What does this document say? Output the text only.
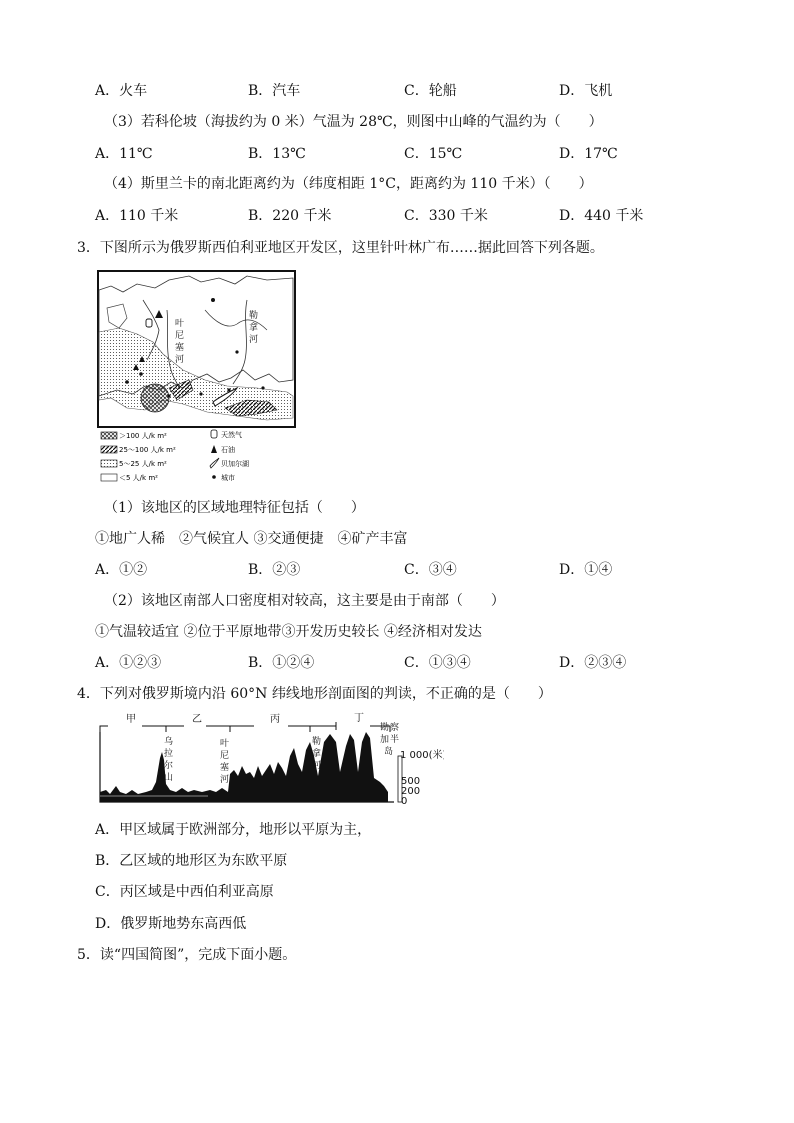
A．火车	B．汽车	C．轮船	D．飞机
（3）若科伦坡（海拔约为 0 米）气温为 28℃，则图中山峰的气温约为（　　）
A．11℃	B．13℃	C．15℃	D．17℃
（4）斯里兰卡的南北距离约为（纬度相距 1°C，距离约为 110 千米）（　　）
A．110 千米	B．220 千米	C．330 千米	D．440 千米
3．下图所示为俄罗斯西伯利亚地区开发区，这里针叶林广布……据此回答下列各题。
勒
拿
河
叶
尼
塞
河
＞100 人/k m²
25～100 人/k m²
5～25 人/k m²
＜5 人/k m²
天然气
石油
贝加尔湖
城市
（1）该地区的区域地理特征包括（　　）
①地广人稀　②气候宜人 ③交通便捷　④矿产丰富
A．①②	B．②③	C．③④	D．①④
（2）该地区南部人口密度相对较高，这主要是由于南部（　　）
①气温较适宜 ②位于平原地带③开发历史较长 ④经济相对发达
A．①②③	B．①②④	C．①③④	D．②③④
4．下列对俄罗斯境内沿 60°N 纬线地形剖面图的判读，不正确的是（　　）
甲	乙	丙	丁
乌
拉
尔
山
叶
尼
塞
河
勒
拿
河
勘 察
加 半
岛 1 000(米)
500
200
0
A．甲区域属于欧洲部分，地形以平原为主，
B．乙区域的地形区为东欧平原
C．丙区域是中西伯利亚高原
D．俄罗斯地势东高西低
5．读“四国简图”，完成下面小题。
